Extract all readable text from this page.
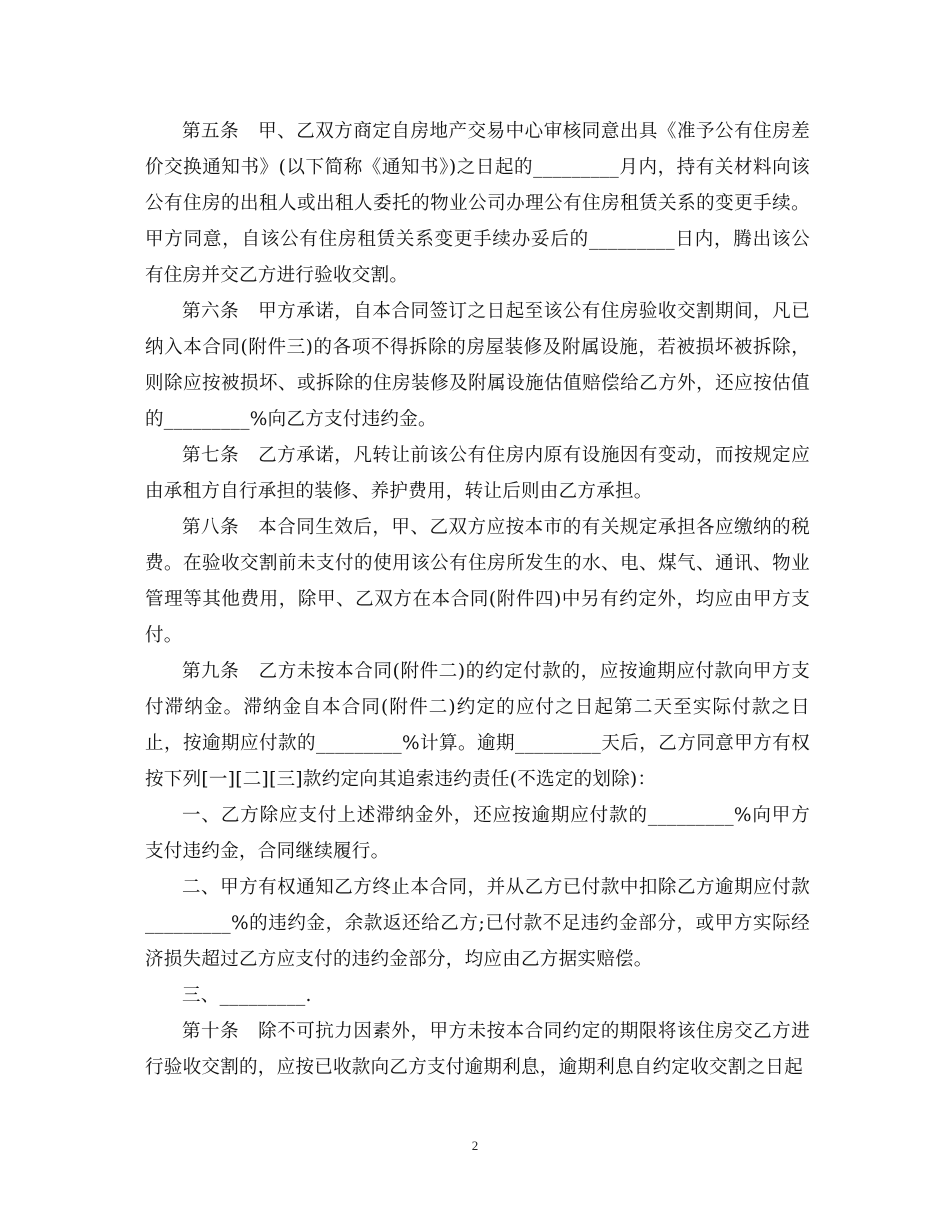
第五条　甲、乙双方商定自房地产交易中心审核同意出具《准予公有住房差价交换通知书》(以下简称《通知书》)之日起的_________月内，持有关材料向该公有住房的出租人或出租人委托的物业公司办理公有住房租赁关系的变更手续。甲方同意，自该公有住房租赁关系变更手续办妥后的_________日内，腾出该公有住房并交乙方进行验收交割。

第六条　甲方承诺，自本合同签订之日起至该公有住房验收交割期间，凡已纳入本合同(附件三)的各项不得拆除的房屋装修及附属设施，若被损坏被拆除，则除应按被损坏、或拆除的住房装修及附属设施估值赔偿给乙方外，还应按估值的_________%向乙方支付违约金。

第七条　乙方承诺，凡转让前该公有住房内原有设施因有变动，而按规定应由承租方自行承担的装修、养护费用，转让后则由乙方承担。

第八条　本合同生效后，甲、乙双方应按本市的有关规定承担各应缴纳的税费。在验收交割前未支付的使用该公有住房所发生的水、电、煤气、通讯、物业管理等其他费用，除甲、乙双方在本合同(附件四)中另有约定外，均应由甲方支付。

第九条　乙方未按本合同(附件二)的约定付款的，应按逾期应付款向甲方支付滞纳金。滞纳金自本合同(附件二)约定的应付之日起第二天至实际付款之日止，按逾期应付款的_________%计算。逾期_________天后，乙方同意甲方有权按下列[一][二][三]款约定向其追索违约责任(不选定的划除)：

一、乙方除应支付上述滞纳金外，还应按逾期应付款的_________%向甲方支付违约金，合同继续履行。

二、甲方有权通知乙方终止本合同，并从乙方已付款中扣除乙方逾期应付款_________%的违约金，余款返还给乙方;已付款不足违约金部分，或甲方实际经济损失超过乙方应支付的违约金部分，均应由乙方据实赔偿。

三、_________.

第十条　除不可抗力因素外，甲方未按本合同约定的期限将该住房交乙方进行验收交割的，应按已收款向乙方支付逾期利息，逾期利息自约定收交割之日起

2
